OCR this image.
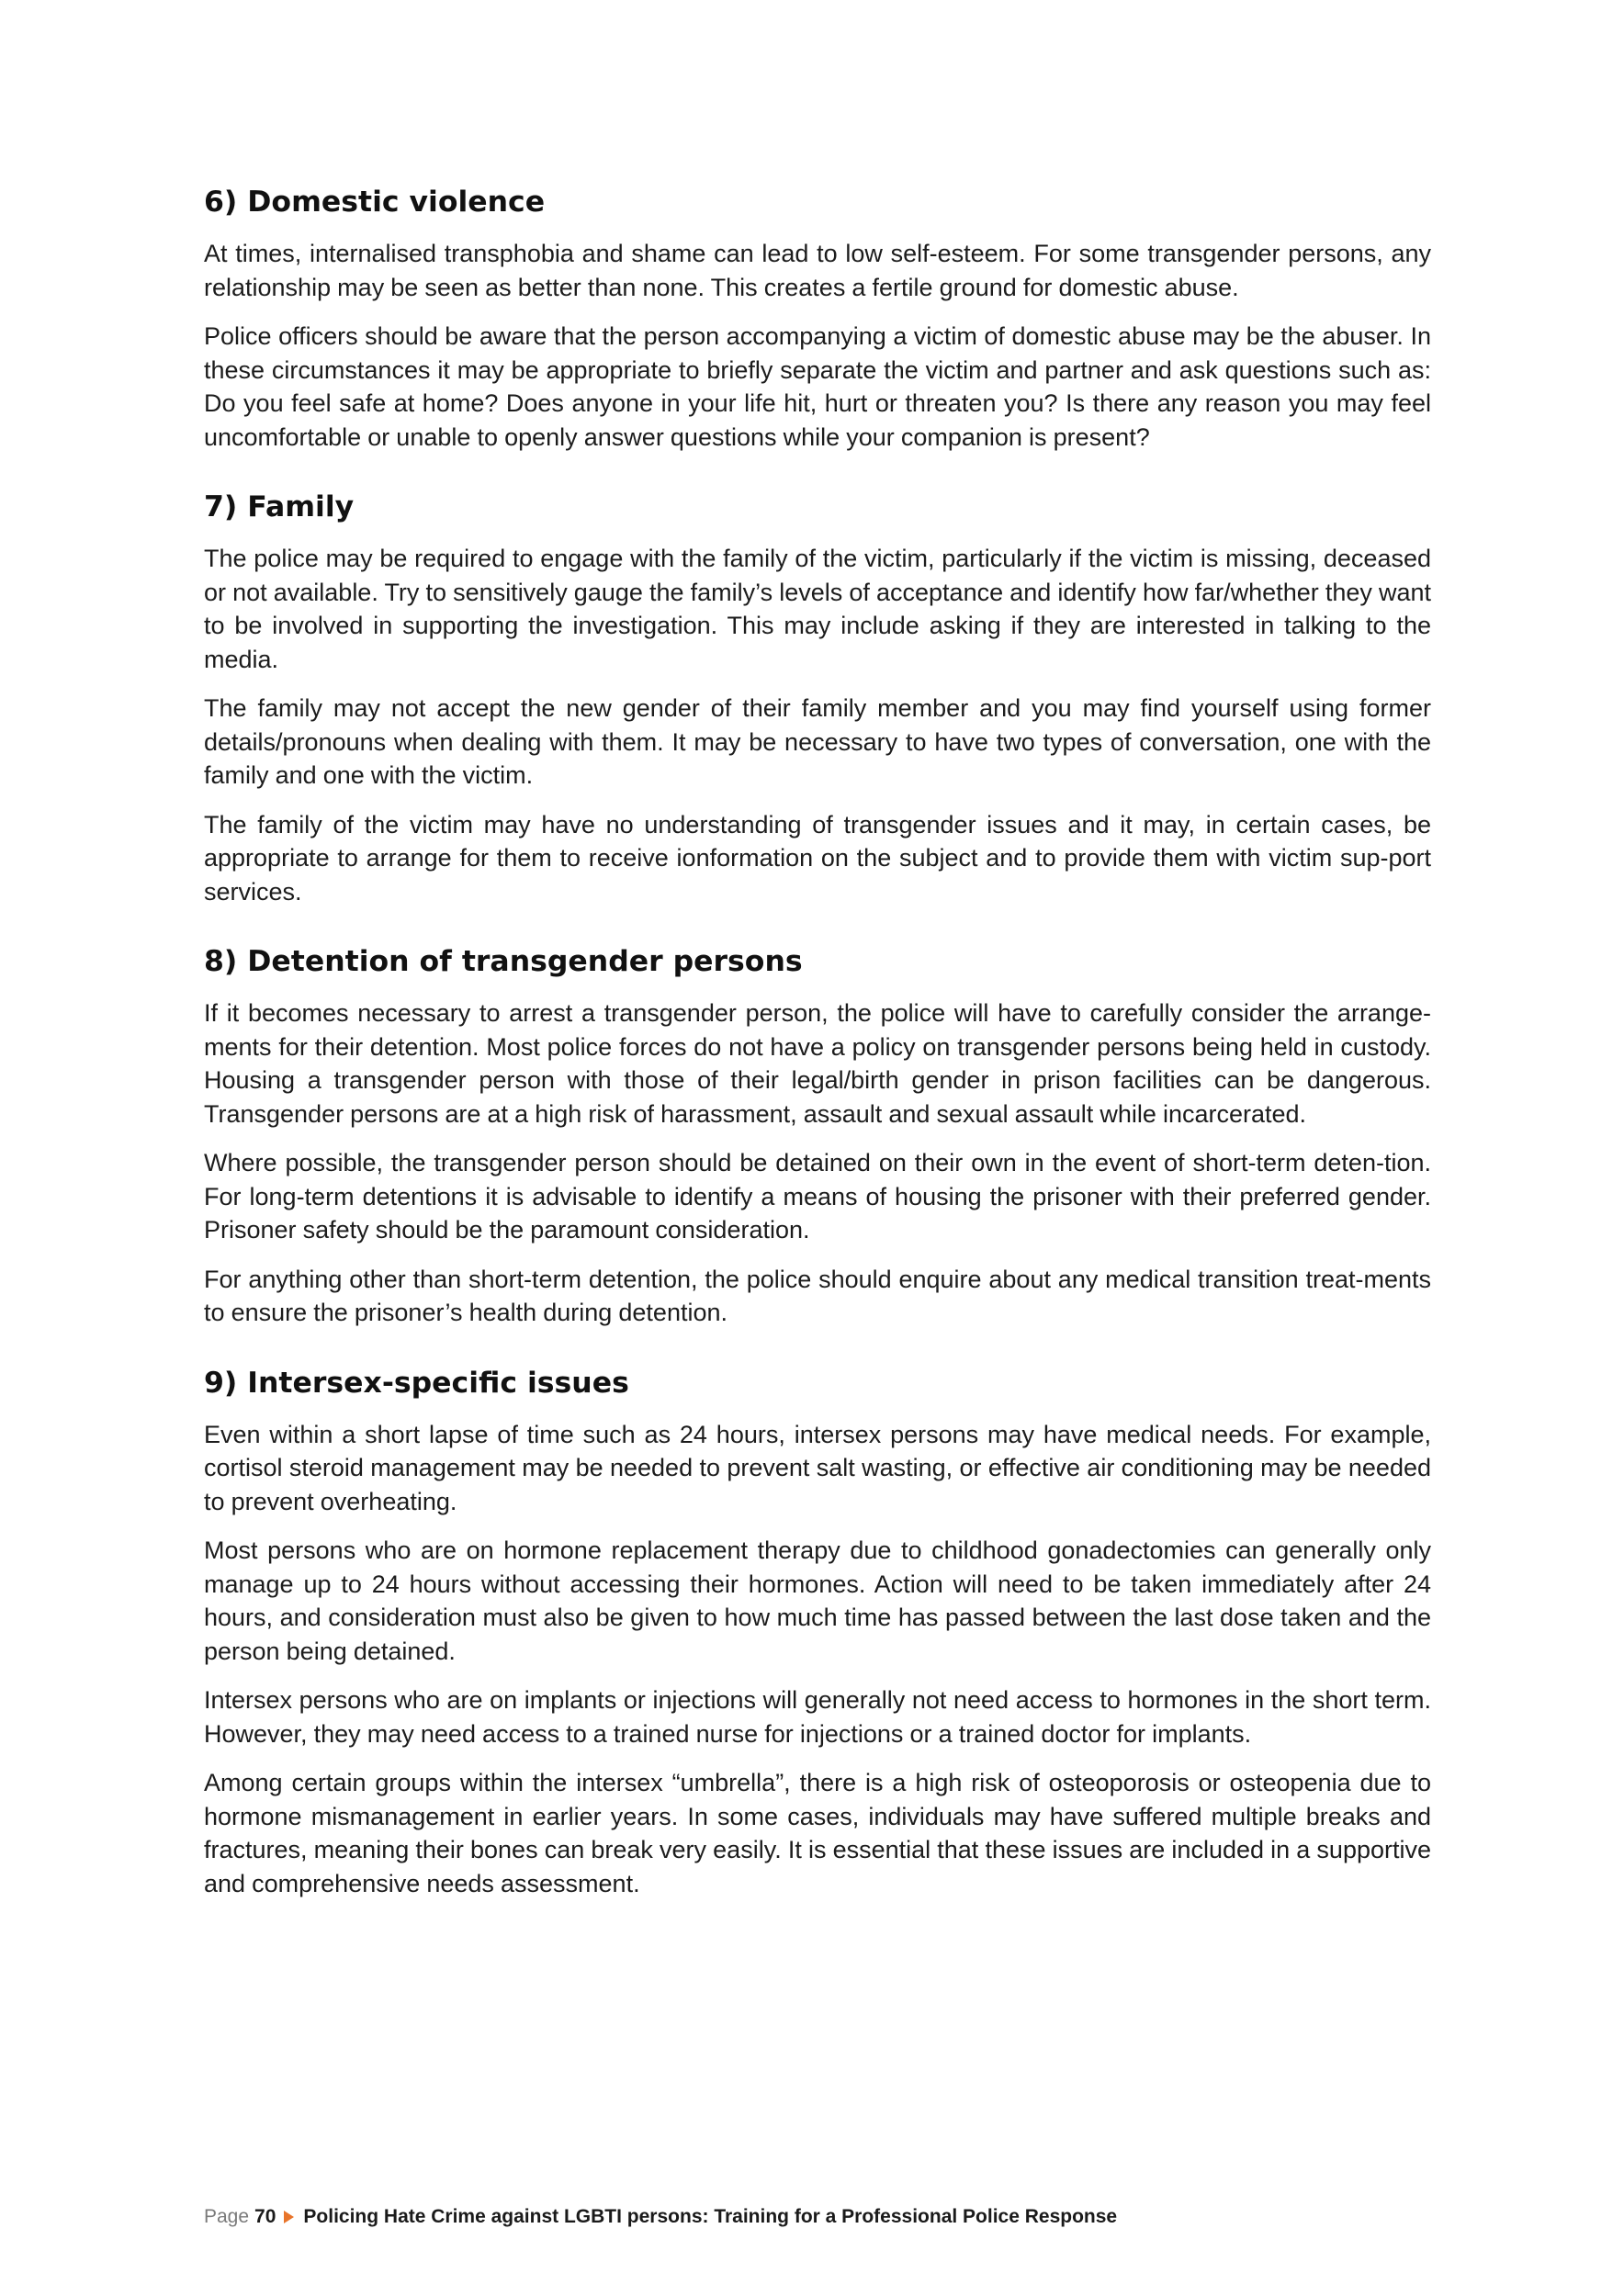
6) Domestic violence

At times, internalised transphobia and shame can lead to low self-esteem. For some transgender persons, any relationship may be seen as better than none. This creates a fertile ground for domestic abuse.

Police officers should be aware that the person accompanying a victim of domestic abuse may be the abuser. In these circumstances it may be appropriate to briefly separate the victim and partner and ask questions such as: Do you feel safe at home? Does anyone in your life hit, hurt or threaten you? Is there any reason you may feel uncomfortable or unable to openly answer questions while your companion is present?

7) Family

The police may be required to engage with the family of the victim, particularly if the victim is missing, deceased or not available. Try to sensitively gauge the family’s levels of acceptance and identify how far/whether they want to be involved in supporting the investigation. This may include asking if they are interested in talking to the media.

The family may not accept the new gender of their family member and you may find yourself using former details/pronouns when dealing with them. It may be necessary to have two types of conversation, one with the family and one with the victim.

The family of the victim may have no understanding of transgender issues and it may, in certain cases, be appropriate to arrange for them to receive ionformation on the subject and to provide them with victim sup-port services.

8) Detention of transgender persons

If it becomes necessary to arrest a transgender person, the police will have to carefully consider the arrange-ments for their detention. Most police forces do not have a policy on transgender persons being held in custody. Housing a transgender person with those of their legal/birth gender in prison facilities can be dangerous. Transgender persons are at a high risk of harassment, assault and sexual assault while incarcerated.

Where possible, the transgender person should be detained on their own in the event of short-term deten-tion. For long-term detentions it is advisable to identify a means of housing the prisoner with their preferred gender. Prisoner safety should be the paramount consideration.

For anything other than short-term detention, the police should enquire about any medical transition treat-ments to ensure the prisoner’s health during detention.

9) Intersex-specific issues

Even within a short lapse of time such as 24 hours, intersex persons may have medical needs. For example, cortisol steroid management may be needed to prevent salt wasting, or effective air conditioning may be needed to prevent overheating.

Most persons who are on hormone replacement therapy due to childhood gonadectomies can generally only manage up to 24 hours without accessing their hormones. Action will need to be taken immediately after 24 hours, and consideration must also be given to how much time has passed between the last dose taken and the person being detained.

Intersex persons who are on implants or injections will generally not need access to hormones in the short term. However, they may need access to a trained nurse for injections or a trained doctor for implants.

Among certain groups within the intersex “umbrella”, there is a high risk of osteoporosis or osteopenia due to hormone mismanagement in earlier years. In some cases, individuals may have suffered multiple breaks and fractures, meaning their bones can break very easily. It is essential that these issues are included in a supportive and comprehensive needs assessment.

Page 70 Policing Hate Crime against LGBTI persons: Training for a Professional Police Response
